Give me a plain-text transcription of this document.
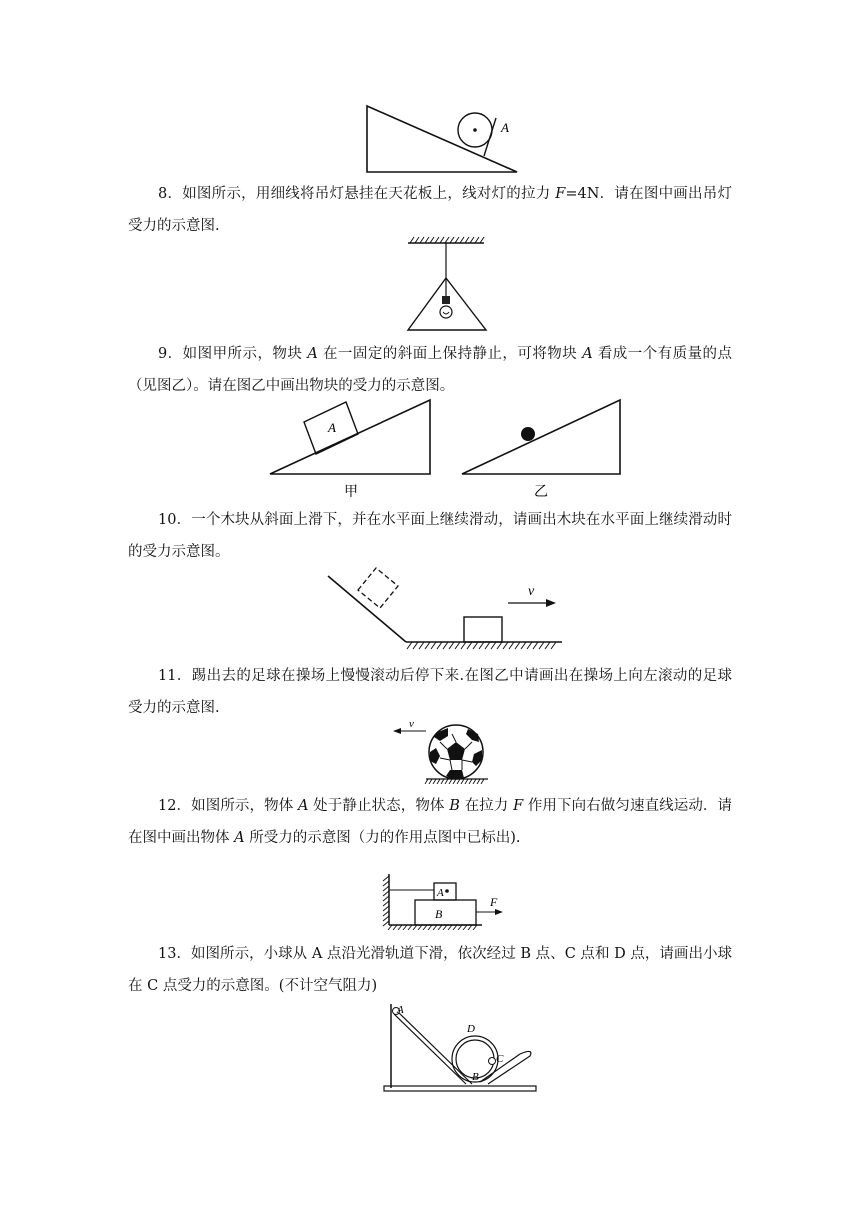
A
8．如图所示，用细线将吊灯悬挂在天花板上，线对灯的拉力 F=4N．请在图中画出吊灯受力的示意图.
9．如图甲所示，物块 A 在一固定的斜面上保持静止，可将物块 A 看成一个有质量的点（见图乙）。请在图乙中画出物块的受力的示意图。
A
甲	乙
10．一个木块从斜面上滑下，并在水平面上继续滑动，请画出木块在水平面上继续滑动时的受力示意图。
v
11．踢出去的足球在操场上慢慢滚动后停下来.在图乙中请画出在操场上向左滚动的足球受力的示意图.
v
12．如图所示，物体 A 处于静止状态，物体 B 在拉力 F 作用下向右做匀速直线运动．请在图中画出物体 A 所受力的示意图（力的作用点图中已标出).
A
B
F
13．如图所示，小球从 A 点沿光滑轨道下滑，依次经过 B 点、C 点和 D 点，请画出小球在 C 点受力的示意图。(不计空气阻力)
A
D
C
B
